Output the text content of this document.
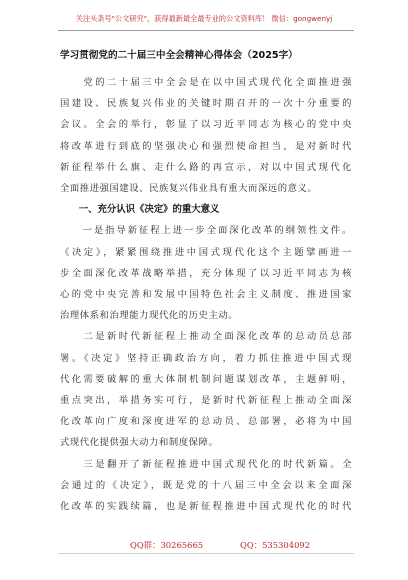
关注头条号"公文研究"，获得最新最全最专业的公文资料库！ 微信：gongwenyj
学习贯彻党的二十届三中全会精神心得体会（2025字）

　　党的二十届三中全会是在以中国式现代化全面推进强
国建设、民族复兴伟业的关键时期召开的一次十分重要的
会议。全会的举行，彰显了以习近平同志为核心的党中央
将改革进行到底的坚强决心和强烈使命担当，是对新时代
新征程举什么旗、走什么路的再宣示，对以中国式现代化
全面推进强国建设、民族复兴伟业具有重大而深远的意义。

　　一、充分认识《决定》的重大意义

　　一是指导新征程上进一步全面深化改革的纲领性文件。
《决定》，紧紧围绕推进中国式现代化这个主题擘画进一
步全面深化改革战略举措，充分体现了以习近平同志为核
心的党中央完善和发展中国特色社会主义制度、推进国家
治理体系和治理能力现代化的历史主动。

　　二是新时代新征程上推动全面深化改革的总动员总部
署。《决定》坚持正确政治方向，着力抓住推进中国式现
代化需要破解的重大体制机制问题谋划改革，主题鲜明，
重点突出，举措务实可行，是新时代新征程上推动全面深
化改革向广度和深度进军的总动员、总部署，必将为中国
式现代化提供强大动力和制度保障。

　　三是翻开了新征程推进中国式现代化的时代新篇。全
会通过的《决定》，既是党的十八届三中全会以来全面深
化改革的实践续篇，也是新征程推进中国式现代化的时代

QQ群：30265665	QQ：535304092
